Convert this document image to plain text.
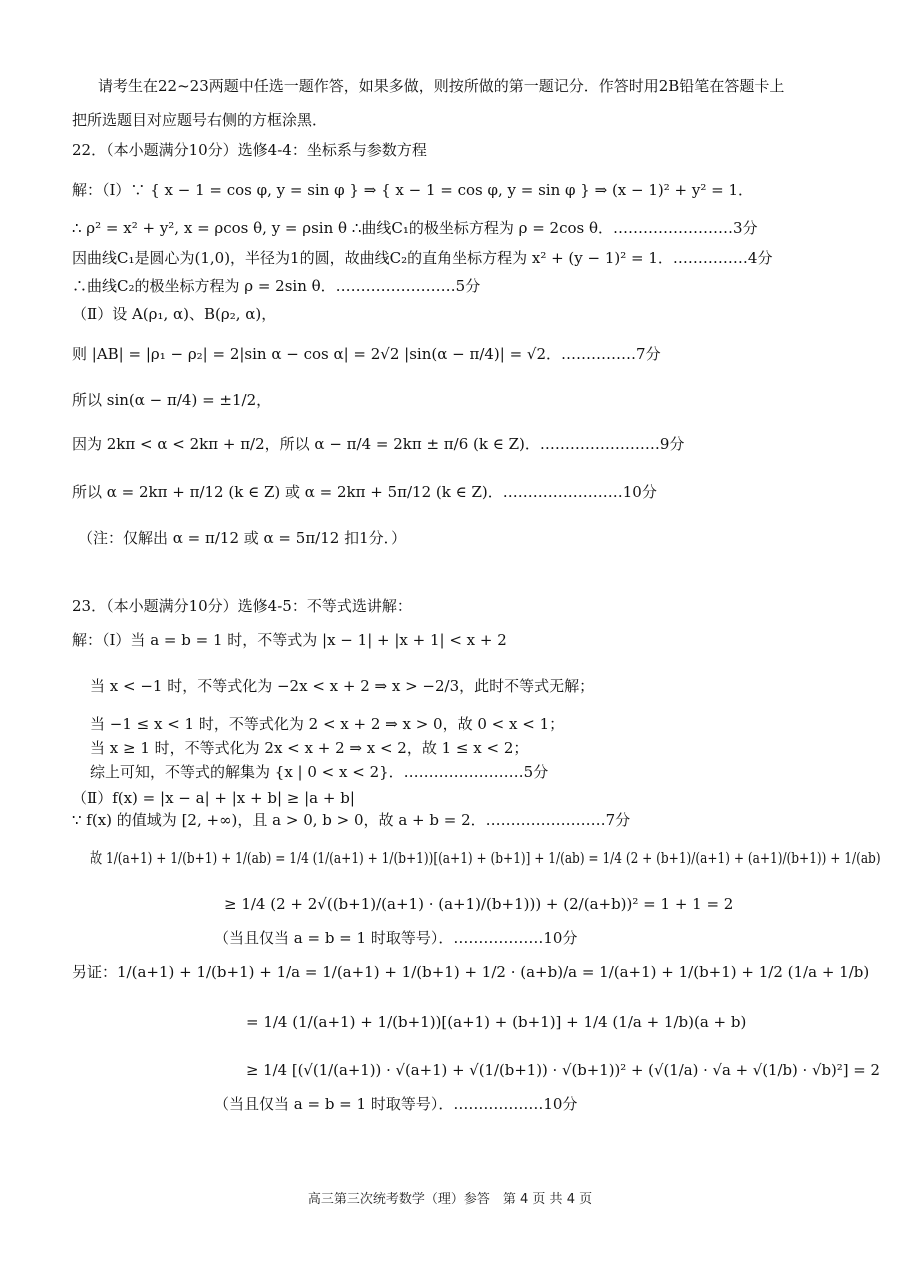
请考生在22~23两题中任选一题作答，如果多做，则按所做的第一题记分．作答时用2B铅笔在答题卡上
把所选题目对应题号右侧的方框涂黑．
22．（本小题满分10分）选修4-4：坐标系与参数方程
解：（Ⅰ）∵ { x − 1 = cos φ, y = sin φ } ⇒ { x − 1 = cos φ, y = sin φ } ⇒ (x − 1)² + y² = 1．
∴ ρ² = x² + y², x = ρcos θ, y = ρsin θ ∴曲线C₁的极坐标方程为 ρ = 2cos θ．……………………3分
因曲线C₁是圆心为(1,0)，半径为1的圆，故曲线C₂的直角坐标方程为 x² + (y − 1)² = 1．……………4分
∴曲线C₂的极坐标方程为 ρ = 2sin θ．……………………5分
（Ⅱ）设 A(ρ₁, α)、B(ρ₂, α)，
则 |AB| = |ρ₁ − ρ₂| = 2|sin α − cos α| = 2√2 |sin(α − π/4)| = √2．……………7分
所以 sin(α − π/4) = ±1/2，
因为 2kπ < α < 2kπ + π/2，所以 α − π/4 = 2kπ ± π/6 (k ∈ Z)．……………………9分
所以 α = 2kπ + π/12 (k ∈ Z) 或 α = 2kπ + 5π/12 (k ∈ Z)．……………………10分
（注：仅解出 α = π/12 或 α = 5π/12 扣1分．）
23．（本小题满分10分）选修4-5：不等式选讲解：
解：（Ⅰ）当 a = b = 1 时，不等式为 |x − 1| + |x + 1| < x + 2
当 x < −1 时，不等式化为 −2x < x + 2 ⇒ x > −2/3，此时不等式无解；
当 −1 ≤ x < 1 时，不等式化为 2 < x + 2 ⇒ x > 0，故 0 < x < 1；
当 x ≥ 1 时，不等式化为 2x < x + 2 ⇒ x < 2，故 1 ≤ x < 2；
综上可知，不等式的解集为 {x | 0 < x < 2}．……………………5分
（Ⅱ）f(x) = |x − a| + |x + b| ≥ |a + b|
∵ f(x) 的值域为 [2, +∞)，且 a > 0, b > 0，故 a + b = 2．……………………7分
故 1/(a+1) + 1/(b+1) + 1/(ab) = 1/4 (1/(a+1) + 1/(b+1))[(a+1) + (b+1)] + 1/(ab) = 1/4 (2 + (b+1)/(a+1) + (a+1)/(b+1)) + 1/(ab)
≥ 1/4 (2 + 2√((b+1)/(a+1) · (a+1)/(b+1))) + (2/(a+b))² = 1 + 1 = 2
（当且仅当 a = b = 1 时取等号）．………………10分
另证：1/(a+1) + 1/(b+1) + 1/a = 1/(a+1) + 1/(b+1) + 1/2 · (a+b)/a = 1/(a+1) + 1/(b+1) + 1/2 (1/a + 1/b)
= 1/4 (1/(a+1) + 1/(b+1))[(a+1) + (b+1)] + 1/4 (1/a + 1/b)(a + b)
≥ 1/4 [(√(1/(a+1)) · √(a+1) + √(1/(b+1)) · √(b+1))² + (√(1/a) · √a + √(1/b) · √b)²] = 2
（当且仅当 a = b = 1 时取等号）．………………10分
高三第三次统考数学（理）参答　第 4 页 共 4 页
